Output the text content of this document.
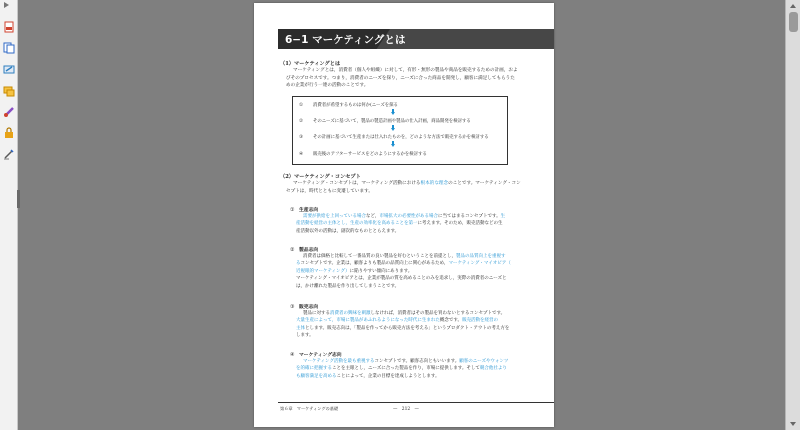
6−1 マーケティングとは
（1）マーケティングとは

マーケティングとは，消費者（個人や組織）に対して，有形・無形の製品や商品を販売するための計画，およ

びそのプロセスです。つまり，消費者のニーズを探り，ニーズに合った商品を開発し，顧客に満足してもらうた

めの企業が行う一連の活動のことです。

① 消費者が希望するものは何か(ニーズを探る
② そのニーズに基づいて，製品の製造計画や製品の仕入計画，商品開発を検討する
③ その計画に基づいて生産または仕入れたものを，どのような方法で販売するかを検討する
④ 販売後のアフターサービスをどのようにするかを検討する
（2）マーケティング・コンセプト

マーケティング・コンセプトは，マーケティング活動における根本的な理念のことです。マーケティング・コン

セプトは，時代とともに変遷しています。

① 生産志向

需要が供給を上回っている場合など，市場拡大の必要性がある場合に当てはまるコンセプトです。生

産活動を経営の主体とし，生産の効率化を高めることを第一に考えます。そのため，販売活動などの生

産活動以外の活動は，副次的なものととらえます。

② 製品志向

消費者は価格と比較して一番品質の良い製品を好むということを前提とし，製品の品質向上を重視す

るコンセプトです。企業は，顧客よりも製品の品質向上に関心があるため，マーケティング・マイオピア（

近視眼的マーケティング）に陥りやすい傾向にあります。

マーケティング・マイオピアとは，企業が製品の質を高めることのみを追求し，実際の消費者のニーズと

は，かけ離れた製品を作り出してしまうことです。

③ 販売志向

製品に対する消費者の興味を刺激しなければ，消費者はその製品を買わないとするコンセプトです。

大量生産によって，市場に製品があふれるようになった時代に生まれた概念です。販売活動を経営の

主体とします。販売志向は，「製品を作ってから販売方法を考える」というプロダクト・アウトの考え方を

します。

④ マーケティング志向

マーケティング活動を最も重視するコンセプトです。顧客志向ともいいます。顧客のニーズやウォンツ

を的確に把握することを主眼とし，ニーズに合った製品を作り，市場に提供します。そして競合他社より

も顧客満足を高めることによって，企業の目標を達成しようとします。

第６章　マーケティングの基礎	—　212　—
